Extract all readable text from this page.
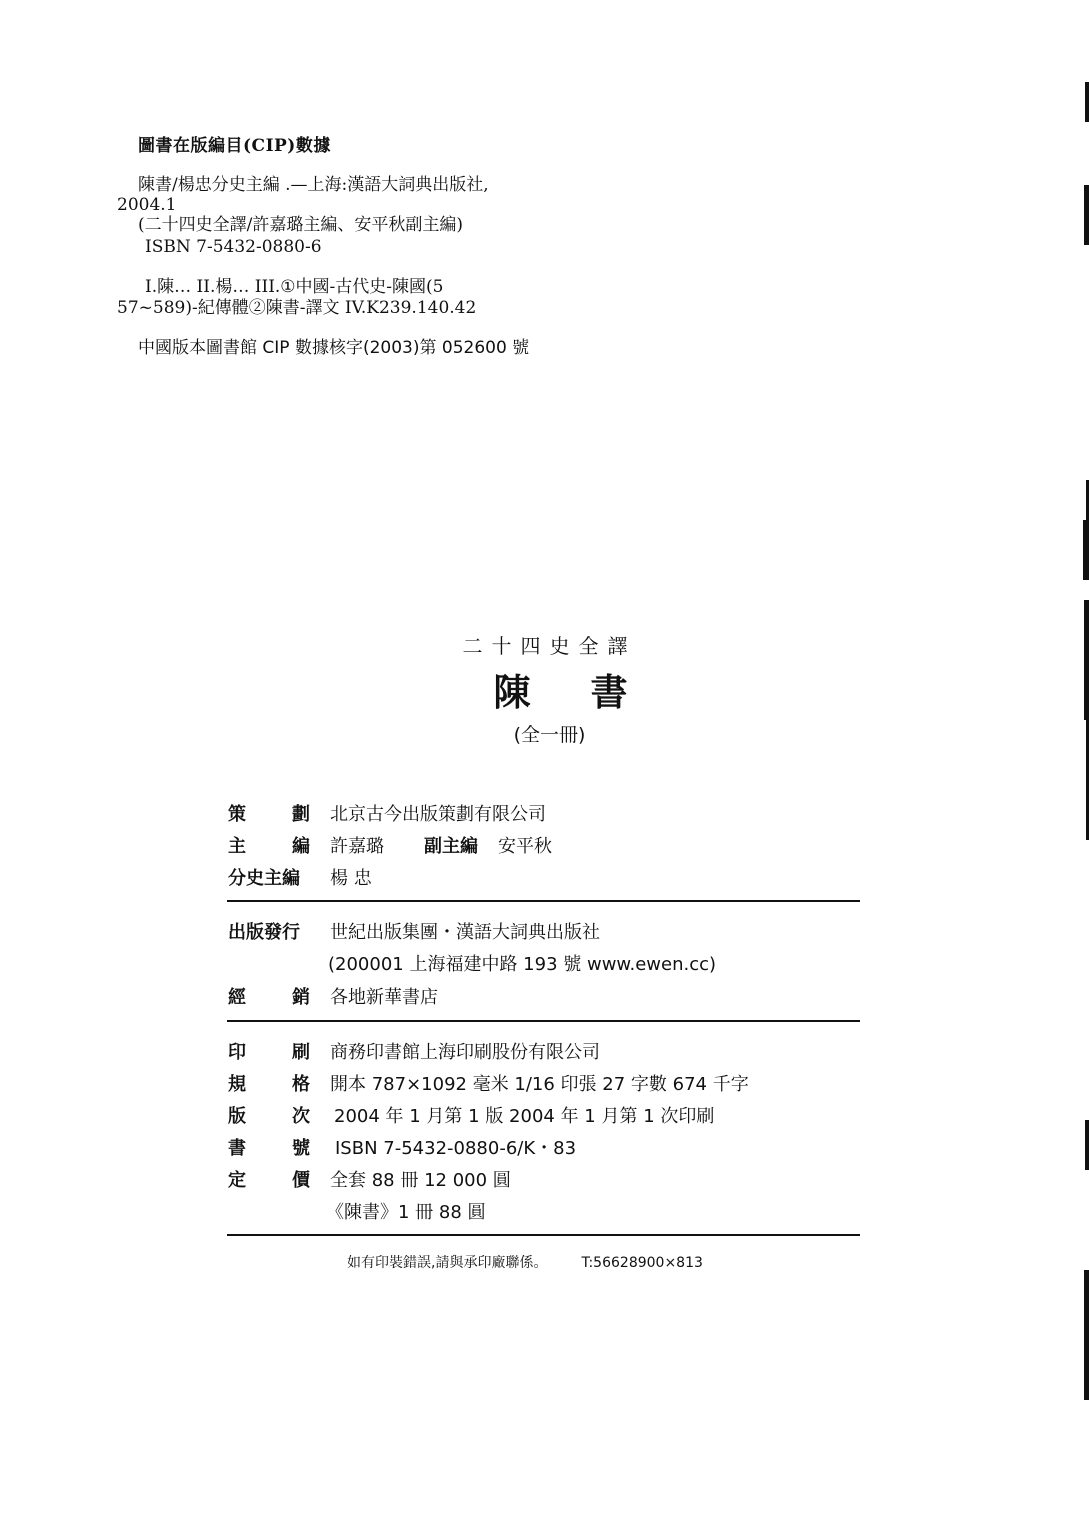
圖書在版編目(CIP)數據
陳書/楊忠分史主編 .—上海:漢語大詞典出版社,
2004.1
(二十四史全譯/許嘉璐主編、安平秋副主編)
ISBN 7-5432-0880-6
I.陳… II.楊… III.①中國-古代史-陳國(5
57~589)-紀傳體②陳書-譯文 IV.K239.140.42
中國版本圖書館 CIP 數據核字(2003)第 052600 號
二十四史全譯
陳書
(全一冊)
策	劃 北京古今出版策劃有限公司
主	編 許嘉璐 副主編 安平秋
分史主編	楊 忠
出版發行	世紀出版集團・漢語大詞典出版社
(200001 上海福建中路 193 號 www.ewen.cc)
經	銷 各地新華書店
印	刷 商務印書館上海印刷股份有限公司
規	格 開本 787×1092 毫米 1/16 印張 27 字數 674 千字
版	次 2004 年 1 月第 1 版 2004 年 1 月第 1 次印刷
書	號 ISBN 7-5432-0880-6/K・83
定	價 全套 88 冊 12 000 圓
《陳書》1 冊 88 圓
如有印裝錯誤,請與承印廠聯係。 T:56628900×813
